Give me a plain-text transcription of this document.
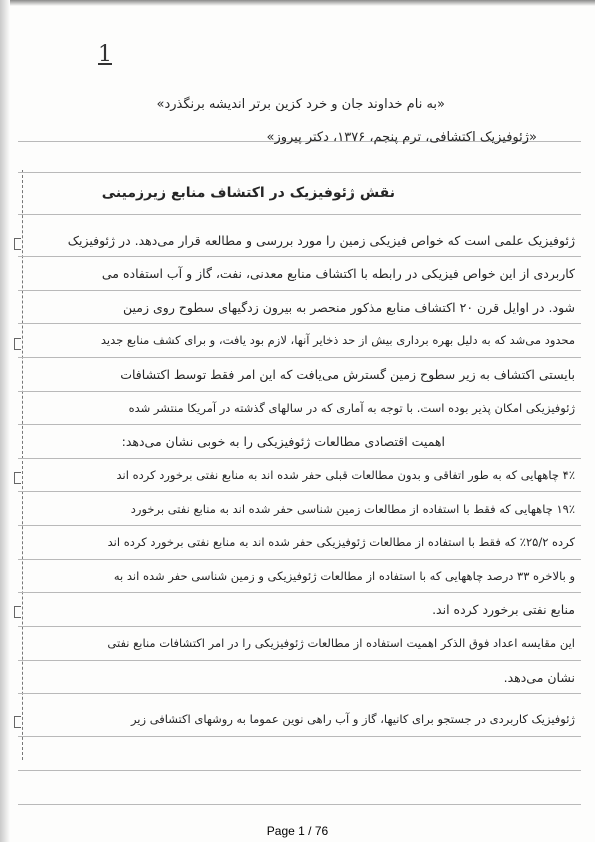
1
«به نام خداوند جان و خرد کزین برتر اندیشه برنگذرد»
«ژئوفیزیک اکتشافی، ترم پنجم، ۱۳۷۶، دکتر پیروز»
نقش ژئوفیزیک در اکتشاف منابع زیرزمینی
ژئوفیزیک علمی است که خواص فیزیکی زمین را مورد بررسی و مطالعه قرار می‌دهد. در ژئوفیزیک
کاربردی از این خواص فیزیکی در رابطه با اکتشاف منابع معدنی، نفت، گاز و آب استفاده می
شود. در اوایل قرن ۲۰ اکتشاف منابع مذکور منحصر به بیرون زدگیهای سطوح روی زمین
محدود می‌شد که به دلیل بهره برداری بیش از حد ذخایر آنها، لازم بود یافت، و برای کشف منابع جدید
بایستی اکتشاف به زیر سطوح زمین گسترش می‌یافت که این امر فقط توسط اکتشافات
ژئوفیزیکی امکان پذیر بوده است. با توجه به آماری که در سالهای گذشته در آمریکا منتشر شده
اهمیت اقتصادی مطالعات ژئوفیزیکی را به خوبی نشان می‌دهد:
۴٪ چاههایی که به طور اتفاقی و بدون مطالعات قبلی حفر شده اند به منابع نفتی برخورد کرده اند
۱۹٪ چاههایی که فقط با استفاده از مطالعات زمین شناسی حفر شده اند به منابع نفتی برخورد
کرده ۲۵/۲٪ که فقط با استفاده از مطالعات ژئوفیزیکی حفر شده اند به منابع نفتی برخورد کرده اند
و بالاخره ۳۳ درصد چاههایی که با استفاده از مطالعات ژئوفیزیکی و زمین شناسی حفر شده اند به
منابع نفتی برخورد کرده اند.
این مقایسه اعداد فوق الذکر اهمیت استفاده از مطالعات ژئوفیزیکی را در امر اکتشافات منابع نفتی
نشان می‌دهد.
ژئوفیزیک کاربردی در جستجو برای کانیها، گاز و آب راهی نوین عموما به روشهای اکتشافی زیر
Page 1 / 76
